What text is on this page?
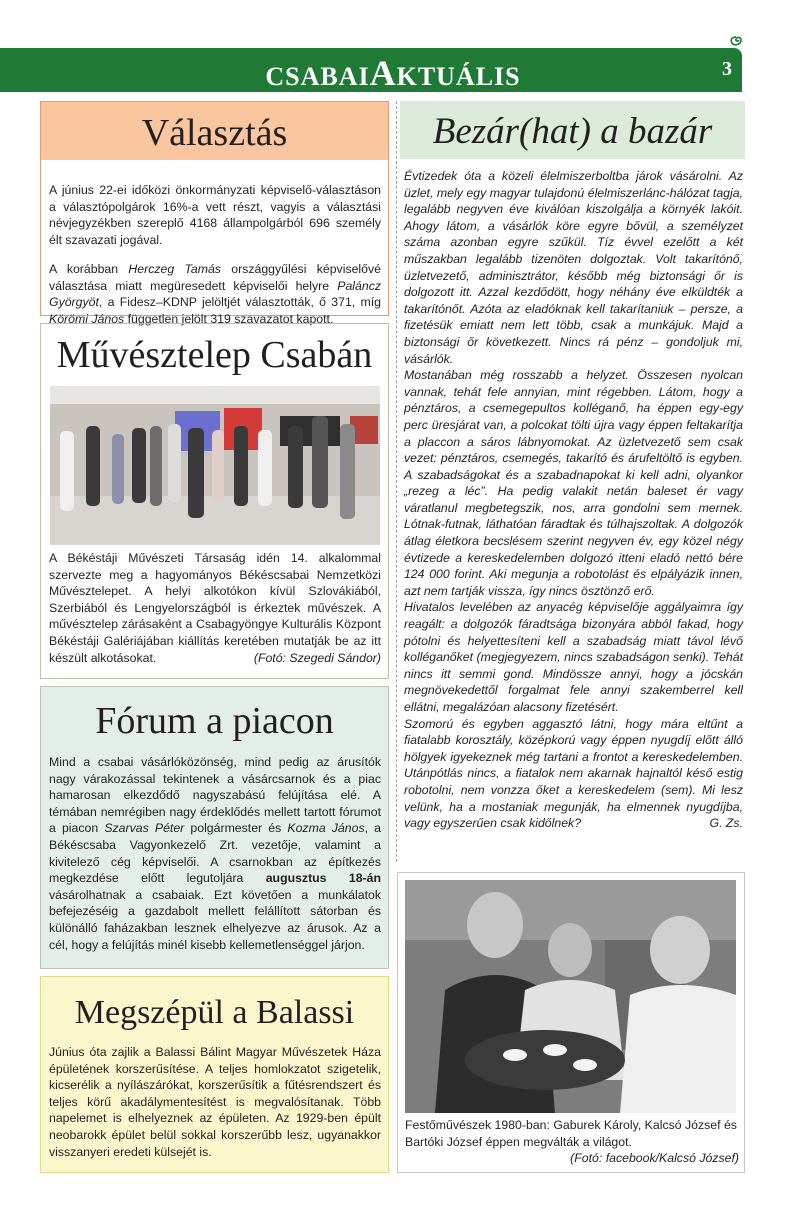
CSABAIAKTUÁLIS	3
Választás

A június 22-ei időközi önkormányzati képviselő-választáson a választópolgárok 16%-a vett részt, vagyis a választási névjegyzékben szereplő 4168 állampolgárból 696 személy élt szavazati jogával.

A korábban Herczeg Tamás országgyűlési képviselővé választása miatt megüresedett képviselői helyre Paláncz Györgyöt, a Fidesz–KDNP jelöltjét választották, ő 371, míg Körömi János független jelölt 319 szavazatot kapott.

Művésztelep Csabán
A Békéstáji Művészeti Társaság idén 14. alkalommal szervezte meg a hagyományos Békéscsabai Nemzetközi Művésztelepet. A helyi alkotókon kívül Szlovákiából, Szerbiából és Lengyelországból is érkeztek művészek. A művésztelep zárásaként a Csabagyöngye Kulturális Központ Békéstáji Galériájában kiállítás keretében mutatják be az itt készült alkotásokat.	(Fotó: Szegedi Sándor)
Fórum a piacon
Mind a csabai vásárlóközönség, mind pedig az árusítók nagy várakozással tekintenek a vásárcsarnok és a piac hamarosan elkezdődő nagyszabású felújítása elé. A témában nemrégiben nagy érdeklődés mellett tartott fórumot a piacon Szarvas Péter polgármester és Kozma János, a Békéscsaba Vagyonkezelő Zrt. vezetője, valamint a kivitelező cég képviselői. A csarnokban az építkezés megkezdése előtt legutoljára augusztus 18-án vásárolhatnak a csabaiak. Ezt követően a munkálatok befejezéséig a gazdabolt mellett felállított sátorban és különálló faházakban lesznek elhelyezve az árusok. Az a cél, hogy a felújítás minél kisebb kellemetlenséggel járjon.
Megszépül a Balassi
Június óta zajlik a Balassi Bálint Magyar Művészetek Háza épületének korszerűsítése. A teljes homlokzatot szigetelik, kicserélik a nyílászárókat, korszerűsítik a fűtésrendszert és teljes körű akadálymentesítést is megvalósítanak. Több napelemet is elhelyeznek az épületen. Az 1929-ben épült neobarokk épület belül sokkal korszerűbb lesz, ugyanakkor visszanyeri eredeti külsejét is.
Bezár(hat) a bazár
Évtizedek óta a közeli élelmiszerboltba járok vásárolni. Az üzlet, mely egy magyar tulajdonú élelmiszerlánc-hálózat tagja, legalább negyven éve kiválóan kiszolgálja a környék lakóit. Ahogy látom, a vásárlók köre egyre bővül, a személyzet száma azonban egyre szűkül. Tíz évvel ezelőtt a két műszakban legalább tizenöten dolgoztak. Volt takarítónő, üzletvezető, adminisztrátor, később még biztonsági őr is dolgozott itt. Azzal kezdődött, hogy néhány éve elküldték a takarítónőt. Azóta az eladóknak kell takarítaniuk – persze, a fizetésük emiatt nem lett több, csak a munkájuk. Majd a biztonsági őr következett. Nincs rá pénz – gondoljuk mi, vásárlók.
Mostanában még rosszabb a helyzet. Összesen nyolcan vannak, tehát fele annyian, mint régebben. Látom, hogy a pénztáros, a csemegepultos kolléganő, ha éppen egy-egy perc üresjárat van, a polcokat tölti újra vagy éppen feltakarítja a placcon a sáros lábnyomokat. Az üzletvezető sem csak vezet: pénztáros, csemegés, takarító és árufeltöltő is egyben. A szabadságokat és a szabadnapokat ki kell adni, olyankor „rezeg a léc”. Ha pedig valakit netán baleset ér vagy váratlanul megbetegszik, nos, arra gondolni sem mernek. Lótnak-futnak, láthatóan fáradtak és túlhajszoltak. A dolgozók átlag életkora becslésem szerint negyven év, egy közel négy évtizede a kereskedelemben dolgozó itteni eladó nettó bére 124 000 forint. Aki megunja a robotolást és elpályázik innen, azt nem tartják vissza, így nincs ösztönző erő.
Hivatalos levelében az anyacég képviselője aggályaimra így reagált: a dolgozók fáradtsága bizonyára abból fakad, hogy pótolni és helyettesíteni kell a szabadság miatt távol lévő kolléganőket (megjegyezem, nincs szabadságon senki). Tehát nincs itt semmi gond. Mindössze annyi, hogy a jócskán megnövekedettől forgalmat fele annyi szakemberrel kell ellátni, megalázóan alacsony fizetésért.
Szomorú és egyben aggasztó látni, hogy mára eltűnt a fiatalabb korosztály, középkorú vagy éppen nyugdíj előtt álló hölgyek igyekeznek még tartani a frontot a kereskedelemben. Utánpótlás nincs, a fiatalok nem akarnak hajnaltól késő estig robotolni, nem vonzza őket a kereskedelem (sem). Mi lesz velünk, ha a mostaniak megunják, ha elmennek nyugdíjba, vagy egyszerűen csak kidőlnek?	G. Zs.
Festőművészek 1980-ban: Gaburek Károly, Kalcsó József és Bartóki József éppen megválták a világot.
(Fotó: facebook/Kalcsó József)
